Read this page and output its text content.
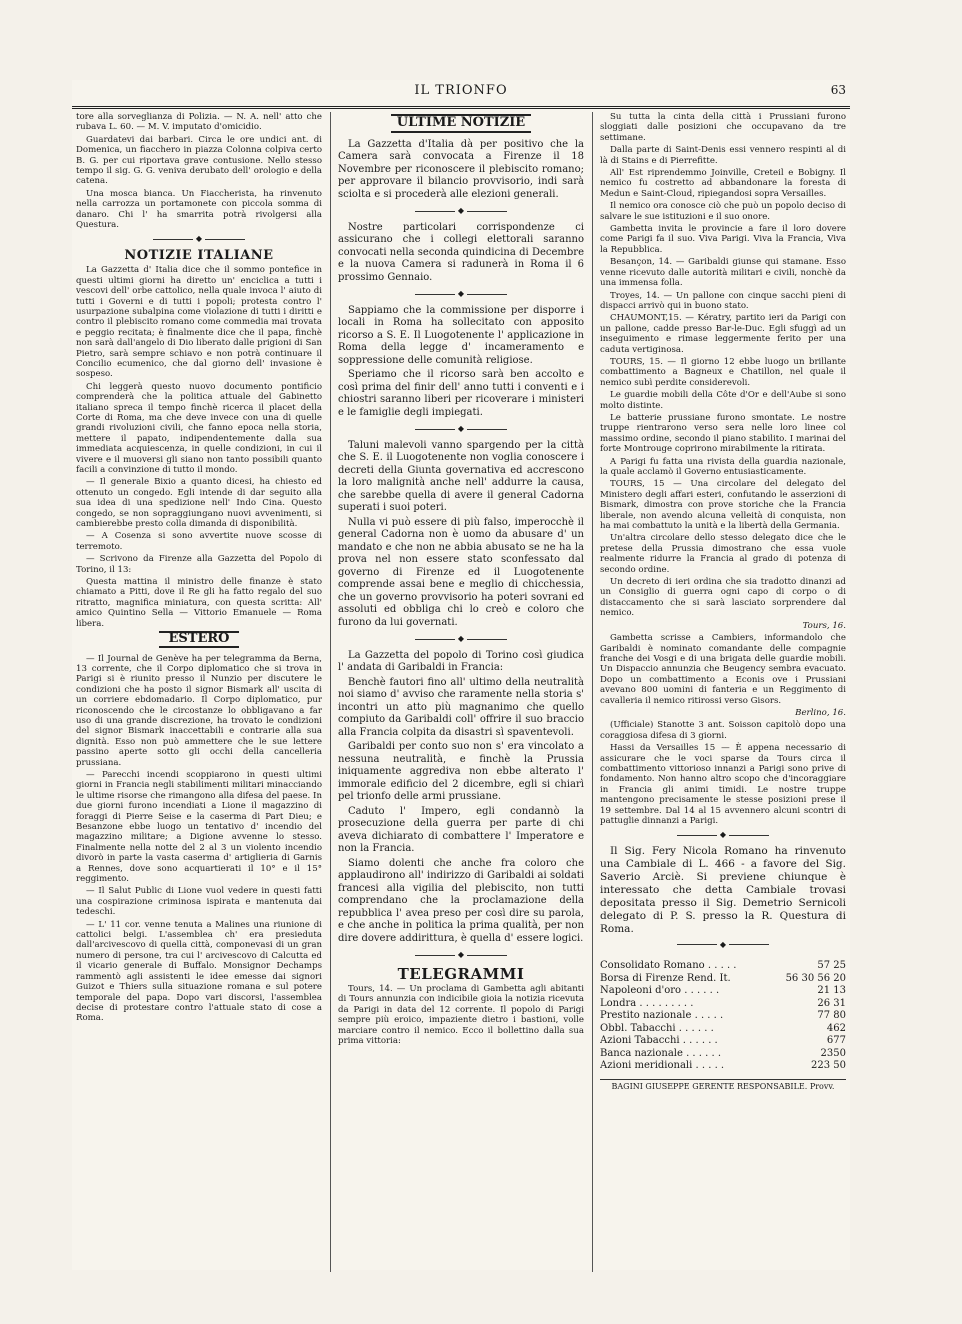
IL TRIONFO	63

tore alla sorveglianza di Polizia. — N. A. nell' atto che rubava L. 60. — M. V. imputato d'omicidio.

Guardatevi dai barbari. Circa le ore undici ant. di Domenica, un fiacchero in piazza Colonna colpiva certo B. G. per cui riportava grave contusione. Nello stesso tempo il sig. G. G. veniva derubato dell' orologio e della catena.

Una mosca bianca. Un Fiaccherista, ha rinvenuto nella carrozza un portamonete con piccola somma di danaro. Chi l' ha smarrita potrà rivolgersi alla Questura.

◆
NOTIZIE ITALIANE

La Gazzetta d' Italia dice che il sommo pontefice in questi ultimi giorni ha diretto un' enciclica a tutti i vescovi dell' orbe cattolico, nella quale invoca l' aiuto di tutti i Governi e di tutti i popoli; protesta contro l' usurpazione subalpina come violazione di tutti i diritti e contro il plebiscito romano come commedia mai trovata e peggio recitata; è finalmente dice che il papa, finchè non sarà dall'angelo di Dio liberato dalle prigioni di San Pietro, sarà sempre schiavo e non potrà continuare il Concilio ecumenico, che dal giorno dell' invasione è sospeso.

Chi leggerà questo nuovo documento pontificio comprenderà che la politica attuale del Gabinetto italiano spreca il tempo finchè ricerca il placet della Corte di Roma, ma che deve invece con una di quelle grandi rivoluzioni civili, che fanno epoca nella storia, mettere il papato, indipendentemente dalla sua immediata acquiescenza, in quelle condizioni, in cui il vivere e il muoversi gli siano non tanto possibili quanto facili a convinzione di tutto il mondo.

— Il generale Bixio a quanto dicesi, ha chiesto ed ottenuto un congedo. Egli intende di dar seguito alla sua idea di una spedizione nell' Indo Cina. Questo congedo, se non sopraggiungano nuovi avvenimenti, si cambierebbe presto colla dimanda di disponibilità.

— A Cosenza si sono avvertite nuove scosse di terremoto.

— Scrivono da Firenze alla Gazzetta del Popolo di Torino, il 13:

Questa mattina il ministro delle finanze è stato chiamato a Pitti, dove il Re gli ha fatto regalo del suo ritratto, magnifica miniatura, con questa scritta: All' amico Quintino Sella — Vittorio Emanuele — Roma libera.

ESTERO

— Il Journal de Genève ha per telegramma da Berna, 13 corrente, che il Corpo diplomatico che si trova in Parigi si è riunito presso il Nunzio per discutere le condizioni che ha posto il signor Bismark all' uscita di un corriere ebdomadario. Il Corpo diplomatico, pur riconoscendo che le circostanze lo obbligavano a far uso di una grande discrezione, ha trovato le condizioni del signor Bismark inaccettabili e contrarie alla sua dignità. Esso non può ammettere che le sue lettere passino aperte sotto gli occhi della cancelleria prussiana.

— Parecchi incendi scoppiarono in questi ultimi giorni in Francia negli stabilimenti militari minacciando le ultime risorse che rimangono alla difesa del paese. In due giorni furono incendiati a Lione il magazzino di foraggi di Pierre Seise e la caserma di Part Dieu; e Besanzone ebbe luogo un tentativo d' incendio del magazzino militare; a Digione avvenne lo stesso. Finalmente nella notte del 2 al 3 un violento incendio divorò in parte la vasta caserma d' artiglieria di Garnis a Rennes, dove sono acquartierati il 10° e il 15° reggimento.

— Il Salut Public di Lione vuol vedere in questi fatti una cospirazione criminosa ispirata e mantenuta dai tedeschi.

— L' 11 cor. venne tenuta a Malines una riunione di cattolici belgi. L'assemblea ch' era presieduta dall'arcivescovo di quella città, componevasi di un gran numero di persone, tra cui l' arcivescovo di Calcutta ed il vicario generale di Buffalo. Monsignor Dechamps rammentò agli assistenti le idee emesse dai signori Guizot e Thiers sulla situazione romana e sul potere temporale del papa. Dopo vari discorsi, l'assemblea decise di protestare contro l'attuale stato di cose a Roma.

ULTIME NOTIZIE

La Gazzetta d'Italia dà per positivo che la Camera sarà convocata a Firenze il 18 Novembre per riconoscere il plebiscito romano; per approvare il bilancio provvisorio, indi sarà sciolta e si procederà alle elezioni generali.

◆

Nostre particolari corrispondenze ci assicurano che i collegi elettorali saranno convocati nella seconda quindicina di Decembre e la nuova Camera si radunerà in Roma il 6 prossimo Gennaio.

◆

Sappiamo che la commissione per disporre i locali in Roma ha sollecitato con apposito ricorso a S. E. Il Luogotenente l' applicazione in Roma della legge d' incameramento e soppressione delle comunità religiose.

Speriamo che il ricorso sarà ben accolto e così prima del finir dell' anno tutti i conventi e i chiostri saranno liberi per ricoverare i ministeri e le famiglie degli impiegati.

◆

Taluni malevoli vanno spargendo per la città che S. E. il Luogotenente non voglia conoscere i decreti della Giunta governativa ed accrescono la loro malignità anche nell' addurre la causa, che sarebbe quella di avere il general Cadorna superati i suoi poteri.

Nulla vi può essere di più falso, imperocchè il general Cadorna non è uomo da abusare d' un mandato e che non ne abbia abusato se ne ha la prova nel non essere stato sconfessato dal governo di Firenze ed il Luogotenente comprende assai bene e meglio di chicchessia, che un governo provvisorio ha poteri sovrani ed assoluti ed obbliga chi lo creò e coloro che furono da lui governati.

◆

La Gazzetta del popolo di Torino così giudica l' andata di Garibaldi in Francia:

Benchè fautori fino all' ultimo della neutralità noi siamo d' avviso che raramente nella storia s' incontri un atto più magnanimo che quello compiuto da Garibaldi coll' offrire il suo braccio alla Francia colpita da disastri sì spaventevoli.

Garibaldi per conto suo non s' era vincolato a nessuna neutralità, e finchè la Prussia iniquamente aggrediva non ebbe alterato l' immorale edificio del 2 dicembre, egli si chiarì pel trionfo delle armi prussiane.

Caduto l' Impero, egli condannò la prosecuzione della guerra per parte di chi aveva dichiarato di combattere l' Imperatore e non la Francia.

Siamo dolenti che anche fra coloro che applaudirono all' indirizzo di Garibaldi ai soldati francesi alla vigilia del plebiscito, non tutti comprendano che la proclamazione della repubblica l' avea preso per così dire su parola, e che anche in politica la prima qualità, per non dire dovere addirittura, è quella d' essere logici.

◆
TELEGRAMMI

Tours, 14. — Un proclama di Gambetta agli abitanti di Tours annunzia con indicibile gioia la notizia ricevuta da Parigi in data del 12 corrente. Il popolo di Parigi sempre più eroico, impaziente dietro i bastioni, volle marciare contro il nemico. Ecco il bollettino dalla sua prima vittoria:

Su tutta la cinta della città i Prussiani furono sloggiati dalle posizioni che occupavano da tre settimane.

Dalla parte di Saint-Denis essi vennero respinti al di là di Stains e di Pierrefitte.

All' Est riprendemmo Joinville, Creteil e Bobigny. Il nemico fu costretto ad abbandonare la foresta di Medun e Saint-Cloud, ripiegandosi sopra Versailles.

Il nemico ora conosce ciò che può un popolo deciso di salvare le sue istituzioni e il suo onore.

Gambetta invita le provincie a fare il loro dovere come Parigi fa il suo. Viva Parigi. Viva la Francia, Viva la Repubblica.

Besançon, 14. — Garibaldi giunse qui stamane. Esso venne ricevuto dalle autorità militari e civili, nonchè da una immensa folla.

Troyes, 14. — Un pallone con cinque sacchi pieni di dispacci arrivò qui in buono stato.

CHAUMONT,15. — Kératry, partito ieri da Parigi con un pallone, cadde presso Bar-le-Duc. Egli sfuggì ad un inseguimento e rimase leggermente ferito per una caduta vertiginosa.

TOURS, 15. — Il giorno 12 ebbe luogo un brillante combattimento a Bagneux e Chatillon, nel quale il nemico subì perdite considerevoli.

Le guardie mobili della Côte d'Or e dell'Aube si sono molto distinte.

Le batterie prussiane furono smontate. Le nostre truppe rientrarono verso sera nelle loro linee col massimo ordine, secondo il piano stabilito. I marinai del forte Montrouge coprirono mirabilmente la ritirata.

A Parigi fu fatta una rivista della guardia nazionale, la quale acclamò il Governo entusiasticamente.

TOURS, 15 — Una circolare del delegato del Ministero degli affari esteri, confutando le asserzioni di Bismark, dimostra con prove storiche che la Francia liberale, non avendo alcuna velleità di conquista, non ha mai combattuto la unità e la libertà della Germania.

Un'altra circolare dello stesso delegato dice che le pretese della Prussia dimostrano che essa vuole realmente ridurre la Francia al grado di potenza di secondo ordine.

Un decreto di ieri ordina che sia tradotto dinanzi ad un Consiglio di guerra ogni capo di corpo o di distaccamento che si sarà lasciato sorprendere dal nemico.

Tours, 16.

Gambetta scrisse a Cambiers, informandolo che Garibaldi è nominato comandante delle compagnie franche dei Vosgi e di una brigata delle guardie mobili. Un Dispaccio annunzia che Beugency sembra evacuato. Dopo un combattimento a Econis ove i Prussiani avevano 800 uomini di fanteria e un Reggimento di cavalleria il nemico ritirossi verso Gisors.

Berlino, 16.

(Ufficiale) Stanotte 3 ant. Soisson capitolò dopo una coraggiosa difesa di 3 giorni.

Hassi da Versailles 15 — È appena necessario di assicurare che le voci sparse da Tours circa il combattimento vittorioso innanzi a Parigi sono prive di fondamento. Non hanno altro scopo che d'incoraggiare in Francia gli animi timidi. Le nostre truppe mantengono precisamente le stesse posizioni prese il 19 settembre. Dal 14 al 15 avvennero alcuni scontri di pattuglie dinnanzi a Parigi.

◆

Il Sig. Fery Nicola Romano ha rinvenuto una Cambiale di L. 466 - a favore del Sig. Saverio Arciè. Si previene chiunque è interessato che detta Cambiale trovasi depositata presso il Sig. Demetrio Sernicoli delegato di P. S. presso la R. Questura di Roma.

◆
Consolidato Romano . . . . .	57 25
Borsa di Firenze Rend. It.	56 30 56 20
Napoleoni d'oro . . . . . .	21 13
Londra . . . . . . . . .	26 31
Prestito nazionale . . . . .	77 80
Obbl. Tabacchi . . . . . .	462
Azioni Tabacchi . . . . . .	677
Banca nazionale . . . . . .	2350
Azioni meridionali . . . . .	223 50
BAGINI GIUSEPPE GERENTE RESPONSABILE. Provv.
